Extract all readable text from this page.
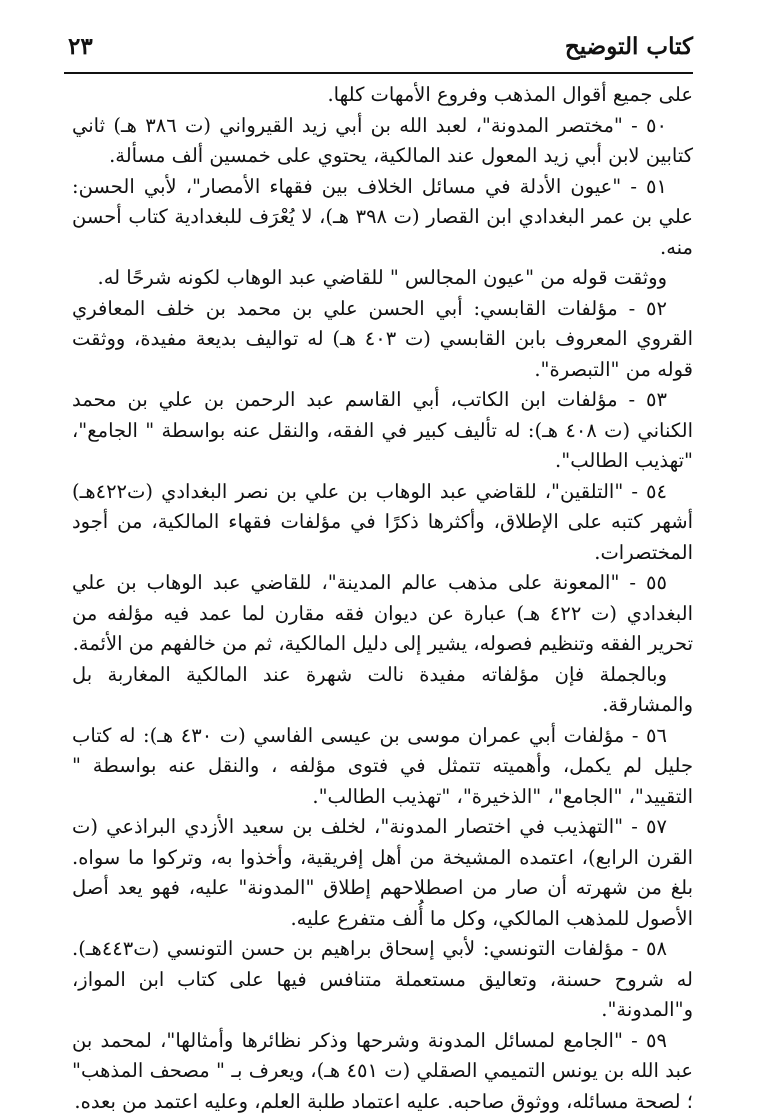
كتاب التوضيح
٢٣

على جميع أقوال المذهب وفروع الأمهات كلها.

٥٠ - "مختصر المدونة"، لعبد الله بن أبي زيد القيرواني (ت ٣٨٦ هـ) ثاني كتابين لابن أبي زيد المعول عند المالكية، يحتوي على خمسين ألف مسألة.

٥١ - "عيون الأدلة في مسائل الخلاف بين فقهاء الأمصار"، لأبي الحسن: علي بن عمر البغدادي ابن القصار (ت ٣٩٨ هـ)، لا يُعْرَف للبغدادية كتاب أحسن منه.

ووثقت قوله من "عيون المجالس " للقاضي عبد الوهاب لكونه شرحًا له.

٥٢ - مؤلفات القابسي: أبي الحسن علي بن محمد بن خلف المعافري القروي المعروف بابن القابسي (ت ٤٠٣ هـ) له تواليف بديعة مفيدة، ووثقت قوله من "التبصرة".

٥٣ - مؤلفات ابن الكاتب، أبي القاسم عبد الرحمن بن علي بن محمد الكناني (ت ٤٠٨ هـ): له تأليف كبير في الفقه، والنقل عنه بواسطة " الجامع"، "تهذيب الطالب".

٥٤ - "التلقين"، للقاضي عبد الوهاب بن علي بن نصر البغدادي (ت٤٢٢هـ) أشهر كتبه على الإطلاق، وأكثرها ذكرًا في مؤلفات فقهاء المالكية، من أجود المختصرات.

٥٥ - "المعونة على مذهب عالم المدينة"، للقاضي عبد الوهاب بن علي البغدادي (ت ٤٢٢ هـ) عبارة عن ديوان فقه مقارن لما عمد فيه مؤلفه من تحرير الفقه وتنظيم فصوله، يشير إلى دليل المالكية، ثم من خالفهم من الأئمة.

وبالجملة فإن مؤلفاته مفيدة نالت شهرة عند المالكية المغاربة بل والمشارقة.

٥٦ - مؤلفات أبي عمران موسى بن عيسى الفاسي (ت ٤٣٠ هـ): له كتاب جليل لم يكمل، وأهميته تتمثل في فتوى مؤلفه ، والنقل عنه بواسطة " التقييد"، "الجامع"، "الذخيرة"، "تهذيب الطالب".

٥٧ - "التهذيب في اختصار المدونة"، لخلف بن سعيد الأزدي البراذعي (ت القرن الرابع)، اعتمده المشيخة من أهل إفريقية، وأخذوا به، وتركوا ما سواه. بلغ من شهرته أن صار من اصطلاحهم إطلاق "المدونة" عليه، فهو يعد أصل الأصول للمذهب المالكي، وكل ما أُلف متفرع عليه.

٥٨ - مؤلفات التونسي: لأبي إسحاق براهيم بن حسن التونسي (ت٤٤٣هـ). له شروح حسنة، وتعاليق مستعملة متنافس فيها على كتاب ابن المواز، و"المدونة".

٥٩ - "الجامع لمسائل المدونة وشرحها وذكر نظائرها وأمثالها"، لمحمد بن عبد الله بن يونس التميمي الصقلي (ت ٤٥١ هـ)، ويعرف بـ " مصحف المذهب" ؛ لصحة مسائله، ووثوق صاحبه. عليه اعتماد طلبة العلم، وعليه اعتمد من بعده.
